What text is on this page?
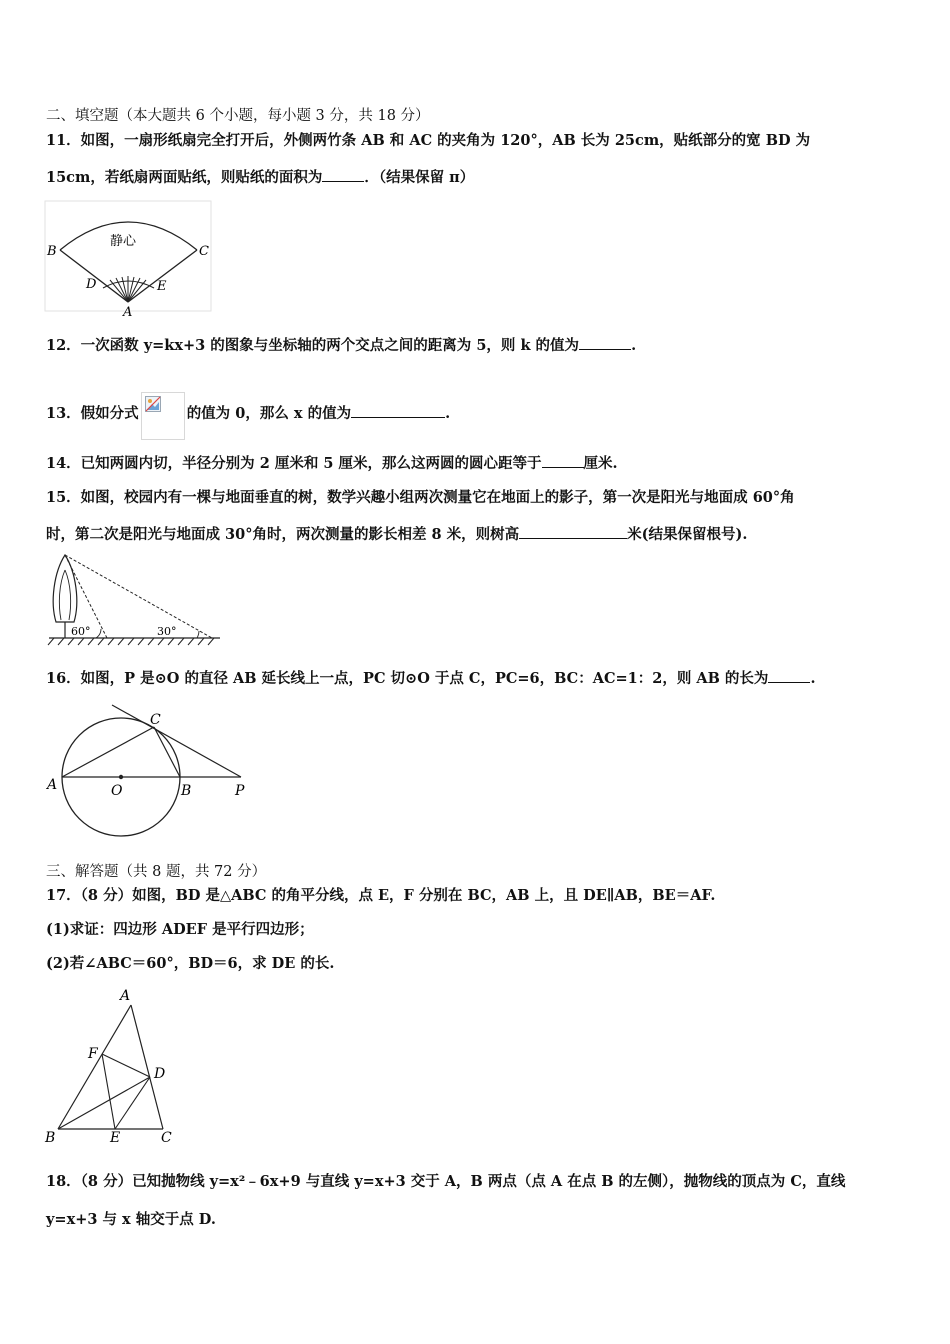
二、填空题（本大题共 6 个小题，每小题 3 分，共 18 分）
11．如图，一扇形纸扇完全打开后，外侧两竹条 AB 和 AC 的夹角为 120°，AB 长为 25cm，贴纸部分的宽 BD 为
15cm，若纸扇两面贴纸，则贴纸的面积为	．（结果保留 π）
静心
B	C
D	E
A
12．一次函数 y=kx+3 的图象与坐标轴的两个交点之间的距离为 5，则 k 的值为	.
13．假如分式	的值为 0，那么 x 的值为	.
14．已知两圆内切，半径分别为 2 厘米和 5 厘米，那么这两圆的圆心距等于	厘米.
15．如图，校园内有一棵与地面垂直的树，数学兴趣小组两次测量它在地面上的影子，第一次是阳光与地面成 60°角
时，第二次是阳光与地面成 30°角时，两次测量的影长相差 8 米，则树高	米(结果保留根号).
60°	30°
16．如图，P 是⊙O 的直径 AB 延长线上一点，PC 切⊙O 于点 C，PC=6，BC：AC=1：2，则 AB 的长为	.
A	O	B	P
C
三、解答题（共 8 题，共 72 分）
17．（8 分）如图，BD 是△ABC 的角平分线，点 E，F 分别在 BC，AB 上，且 DE∥AB，BE＝AF.
(1)求证：四边形 ADEF 是平行四边形；
(2)若∠ABC＝60°，BD＝6，求 DE 的长.
A
F
D
B	E	C
18．（8 分）已知抛物线 y=x²﹣6x+9 与直线 y=x+3 交于 A，B 两点（点 A 在点 B 的左侧），抛物线的顶点为 C，直线
y=x+3 与 x 轴交于点 D.
